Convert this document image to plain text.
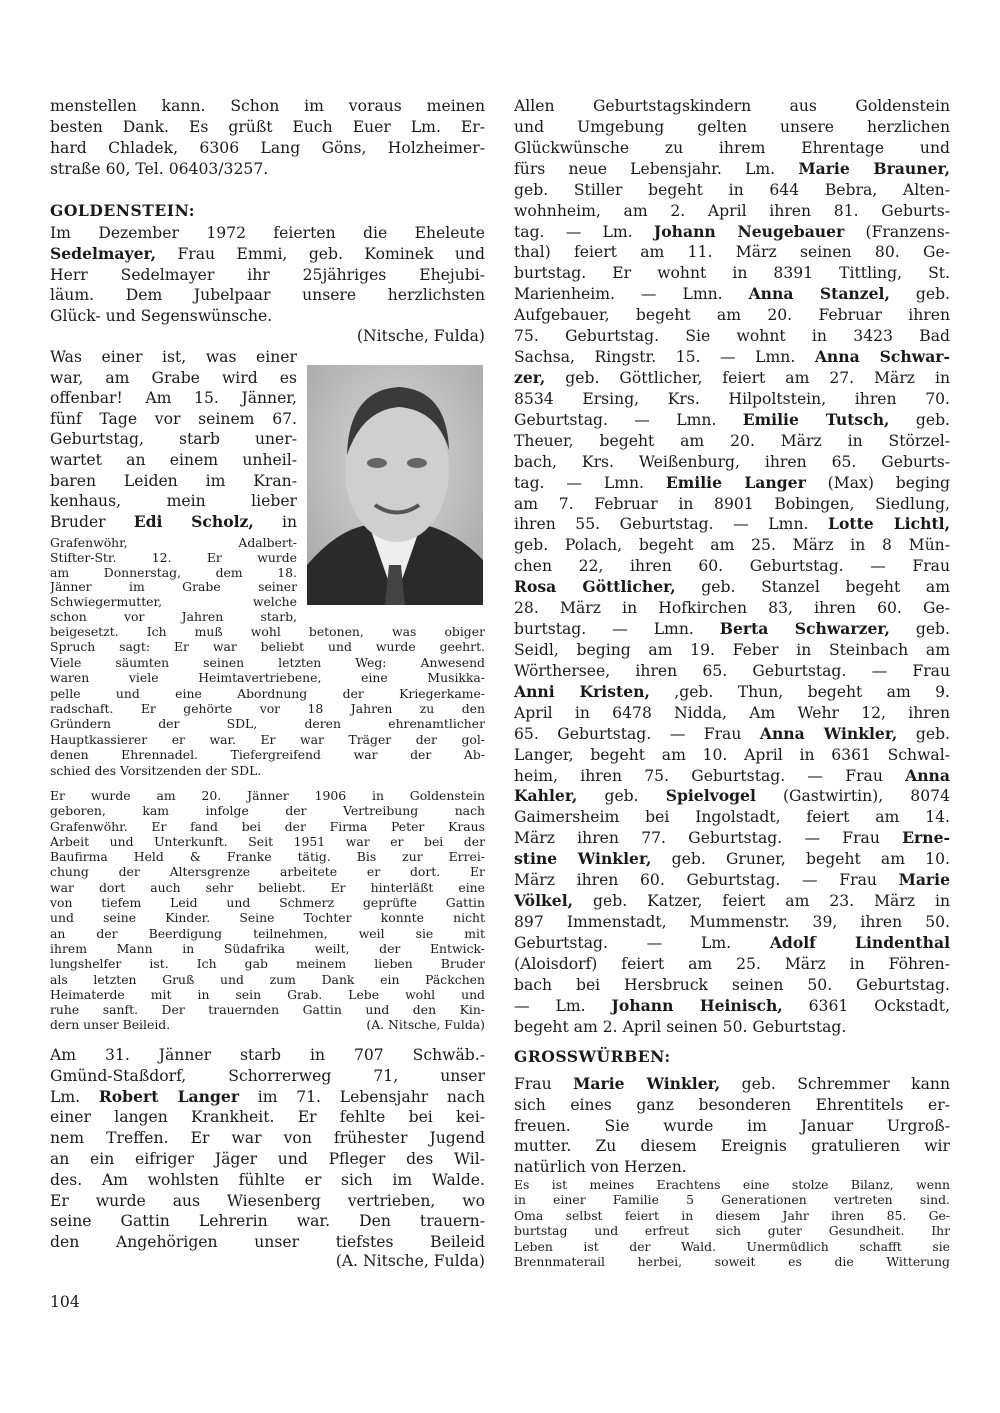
menstellen kann. Schon im voraus meinen
besten Dank. Es grüßt Euch Euer Lm. Er-
hard Chladek, 6306 Lang Göns, Holzheimer-
straße 60, Tel. 06403/3257.
GOLDENSTEIN:
Im Dezember 1972 feierten die Eheleute
Sedelmayer, Frau Emmi, geb. Kominek und
Herr Sedelmayer ihr 25jähriges Ehejubi-
läum. Dem Jubelpaar unsere herzlichsten
Glück- und Segenswünsche.
(Nitsche, Fulda)
Was einer ist, was einer
war, am Grabe wird es
offenbar! Am 15. Jänner,
fünf Tage vor seinem 67.
Geburtstag, starb uner-
wartet an einem unheil-
baren Leiden im Kran-
kenhaus, mein lieber
Bruder Edi Scholz, in
Grafenwöhr, Adalbert-
Stifter-Str. 12. Er wurde
am Donnerstag, dem 18.
Jänner im Grabe seiner
Schwiegermutter, welche
schon vor Jahren starb,
beigesetzt. Ich muß wohl betonen, was obiger
Spruch sagt: Er war beliebt und wurde geehrt.
Viele säumten seinen letzten Weg: Anwesend
waren viele Heimtavertriebene, eine Musikka-
pelle und eine Abordnung der Kriegerkame-
radschaft. Er gehörte vor 18 Jahren zu den
Gründern der SDL, deren ehrenamtlicher
Hauptkassierer er war. Er war Träger der gol-
denen Ehrennadel. Tiefergreifend war der Ab-
schied des Vorsitzenden der SDL.
Er wurde am 20. Jänner 1906 in Goldenstein
geboren, kam infolge der Vertreibung nach
Grafenwöhr. Er fand bei der Firma Peter Kraus
Arbeit und Unterkunft. Seit 1951 war er bei der
Baufirma Held & Franke tätig. Bis zur Errei-
chung der Altersgrenze arbeitete er dort. Er
war dort auch sehr beliebt. Er hinterläßt eine
von tiefem Leid und Schmerz geprüfte Gattin
und seine Kinder. Seine Tochter konnte nicht
an der Beerdigung teilnehmen, weil sie mit
ihrem Mann in Südafrika weilt, der Entwick-
lungshelfer ist. Ich gab meinem lieben Bruder
als letzten Gruß und zum Dank ein Päckchen
Heimaterde mit in sein Grab. Lebe wohl und
ruhe sanft. Der trauernden Gattin und den Kin-
dern unser Beileid.	(A. Nitsche, Fulda)
Am 31. Jänner starb in 707 Schwäb.-
Gmünd-Staßdorf, Schorrerweg 71, unser
Lm. Robert Langer im 71. Lebensjahr nach
einer langen Krankheit. Er fehlte bei kei-
nem Treffen. Er war von frühester Jugend
an ein eifriger Jäger und Pfleger des Wil-
des. Am wohlsten fühlte er sich im Walde.
Er wurde aus Wiesenberg vertrieben, wo
seine Gattin Lehrerin war. Den trauern-
den Angehörigen unser tiefstes Beileid
(A. Nitsche, Fulda)
104
Allen Geburtstagskindern aus Goldenstein
und Umgebung gelten unsere herzlichen
Glückwünsche zu ihrem Ehrentage und
fürs neue Lebensjahr. Lm. Marie Brauner,
geb. Stiller begeht in 644 Bebra, Alten-
wohnheim, am 2. April ihren 81. Geburts-
tag. — Lm. Johann Neugebauer (Franzens-
thal) feiert am 11. März seinen 80. Ge-
burtstag. Er wohnt in 8391 Tittling, St.
Marienheim. — Lmn. Anna Stanzel, geb.
Aufgebauer, begeht am 20. Februar ihren
75. Geburtstag. Sie wohnt in 3423 Bad
Sachsa, Ringstr. 15. — Lmn. Anna Schwar-
zer, geb. Göttlicher, feiert am 27. März in
8534 Ersing, Krs. Hilpoltstein, ihren 70.
Geburtstag. — Lmn. Emilie Tutsch, geb.
Theuer, begeht am 20. März in Störzel-
bach, Krs. Weißenburg, ihren 65. Geburts-
tag. — Lmn. Emilie Langer (Max) beging
am 7. Februar in 8901 Bobingen, Siedlung,
ihren 55. Geburtstag. — Lmn. Lotte Lichtl,
geb. Polach, begeht am 25. März in 8 Mün-
chen 22, ihren 60. Geburtstag. — Frau
Rosa Göttlicher, geb. Stanzel begeht am
28. März in Hofkirchen 83, ihren 60. Ge-
burtstag. — Lmn. Berta Schwarzer, geb.
Seidl, beging am 19. Feber in Steinbach am
Wörthersee, ihren 65. Geburtstag. — Frau
Anni Kristen, ,geb. Thun, begeht am 9.
April in 6478 Nidda, Am Wehr 12, ihren
65. Geburtstag. — Frau Anna Winkler, geb.
Langer, begeht am 10. April in 6361 Schwal-
heim, ihren 75. Geburtstag. — Frau Anna
Kahler, geb. Spielvogel (Gastwirtin), 8074
Gaimersheim bei Ingolstadt, feiert am 14.
März ihren 77. Geburtstag. — Frau Erne-
stine Winkler, geb. Gruner, begeht am 10.
März ihren 60. Geburtstag. — Frau Marie
Völkel, geb. Katzer, feiert am 23. März in
897 Immenstadt, Mummenstr. 39, ihren 50.
Geburtstag. — Lm. Adolf Lindenthal
(Aloisdorf) feiert am 25. März in Föhren-
bach bei Hersbruck seinen 50. Geburtstag.
— Lm. Johann Heinisch, 6361 Ockstadt,
begeht am 2. April seinen 50. Geburtstag.
GROSSWÜRBEN:
Frau Marie Winkler, geb. Schremmer kann
sich eines ganz besonderen Ehrentitels er-
freuen. Sie wurde im Januar Urgroß-
mutter. Zu diesem Ereignis gratulieren wir
natürlich von Herzen.
Es ist meines Erachtens eine stolze Bilanz, wenn
in einer Familie 5 Generationen vertreten sind.
Oma selbst feiert in diesem Jahr ihren 85. Ge-
burtstag und erfreut sich guter Gesundheit. Ihr
Leben ist der Wald. Unermüdlich schafft sie
Brennmaterail herbei, soweit es die Witterung
